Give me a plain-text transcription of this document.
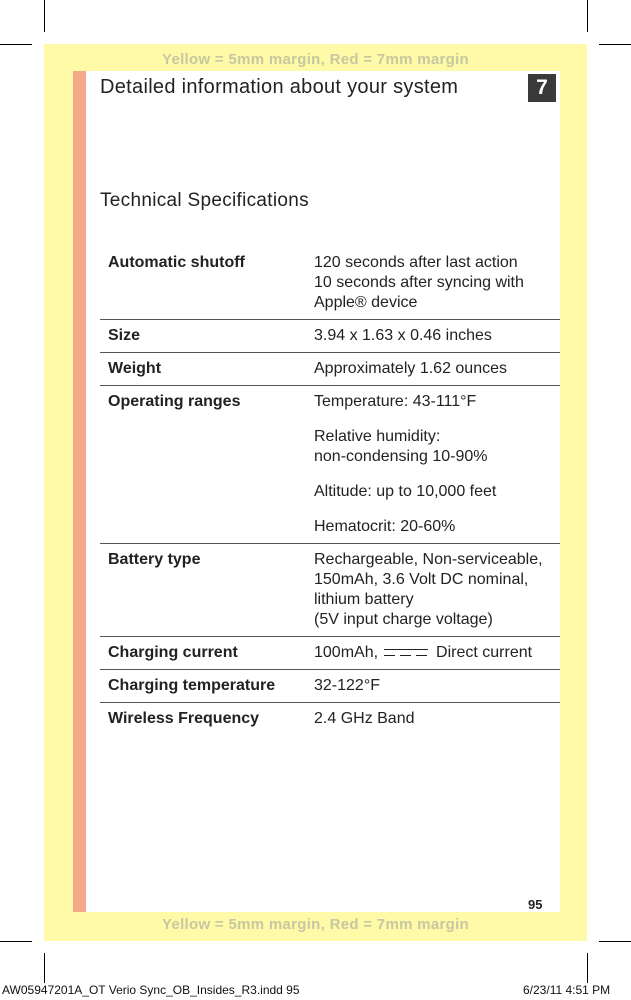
Yellow = 5mm margin, Red = 7mm margin
Yellow = 5mm margin, Red = 7mm margin
Detailed information about your system	7
Technical Specifications
Automatic shutoff	120 seconds after last action
10 seconds after syncing with Apple® device

Size	3.94 x 1.63 x 0.46 inches

Weight	Approximately 1.62 ounces

Operating ranges	Temperature: 43-111°F
Relative humidity:
non-condensing 10-90%
Altitude: up to 10,000 feet
Hematocrit: 20-60%

Battery type	Rechargeable, Non-serviceable,
150mAh, 3.6 Volt DC nominal,
lithium battery
(5V input charge voltage)

Charging current	100mAh, Direct current

Charging temperature	32-122°F

Wireless Frequency	2.4 GHz Band
95
AW05947201A_OT Verio Sync_OB_Insides_R3.indd 95	6/23/11 4:51 PM
